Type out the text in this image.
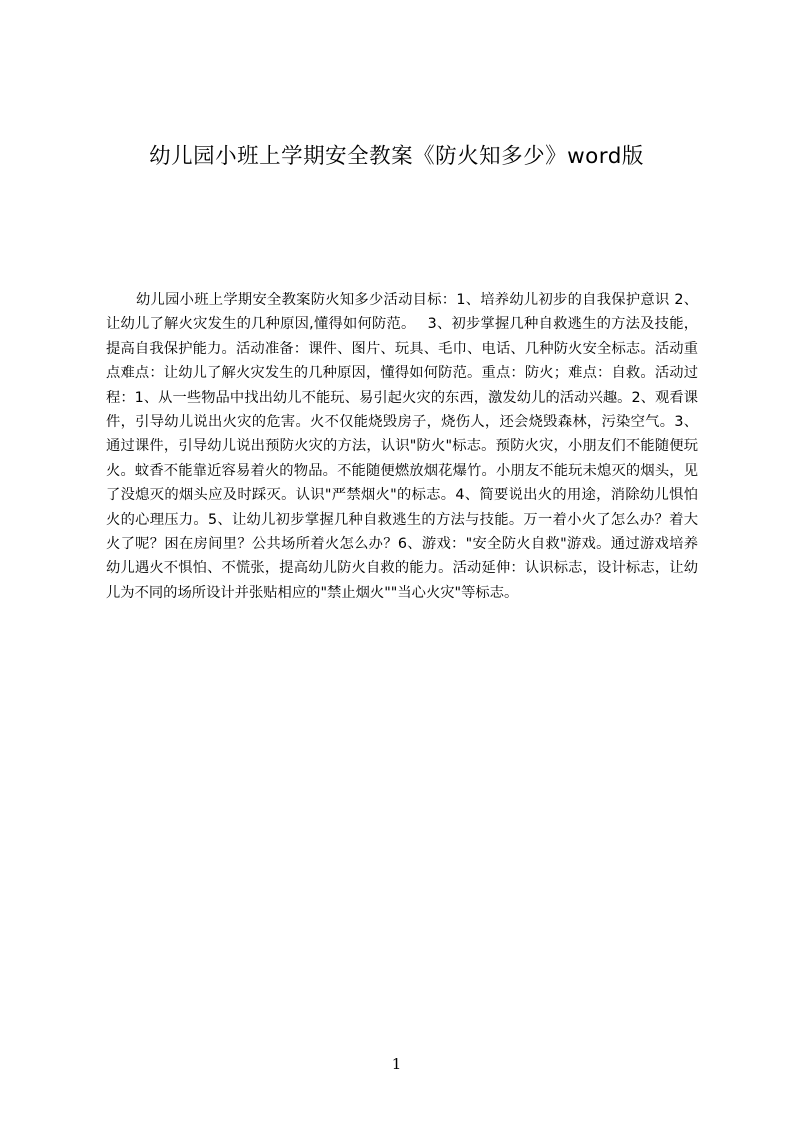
幼儿园小班上学期安全教案《防火知多少》word版

幼儿园小班上学期安全教案防火知多少活动目标：1、培养幼儿初步的自我保护意识 2、让幼儿了解火灾发生的几种原因,懂得如何防范。　 3、初步掌握几种自救逃生的方法及技能，提高自我保护能力。活动准备：课件、图片、玩具、毛巾、电话、几种防火安全标志。活动重点难点：让幼儿了解火灾发生的几种原因，懂得如何防范。重点：防火；难点：自救。活动过程：1、从一些物品中找出幼儿不能玩、易引起火灾的东西，激发幼儿的活动兴趣。2、观看课件，引导幼儿说出火灾的危害。火不仅能烧毁房子，烧伤人，还会烧毁森林，污染空气。3、通过课件，引导幼儿说出预防火灾的方法，认识"防火"标志。预防火灾，小朋友们不能随便玩火。蚊香不能靠近容易着火的物品。不能随便燃放烟花爆竹。小朋友不能玩未熄灭的烟头，见了没熄灭的烟头应及时踩灭。认识"严禁烟火"的标志。4、简要说出火的用途，消除幼儿惧怕火的心理压力。5、让幼儿初步掌握几种自救逃生的方法与技能。万一着小火了怎么办？着大火了呢？困在房间里？公共场所着火怎么办？6、游戏："安全防火自救"游戏。通过游戏培养幼儿遇火不惧怕、不慌张，提高幼儿防火自救的能力。活动延伸：认识标志，设计标志，让幼儿为不同的场所设计并张贴相应的"禁止烟火""当心火灾"等标志。

1
